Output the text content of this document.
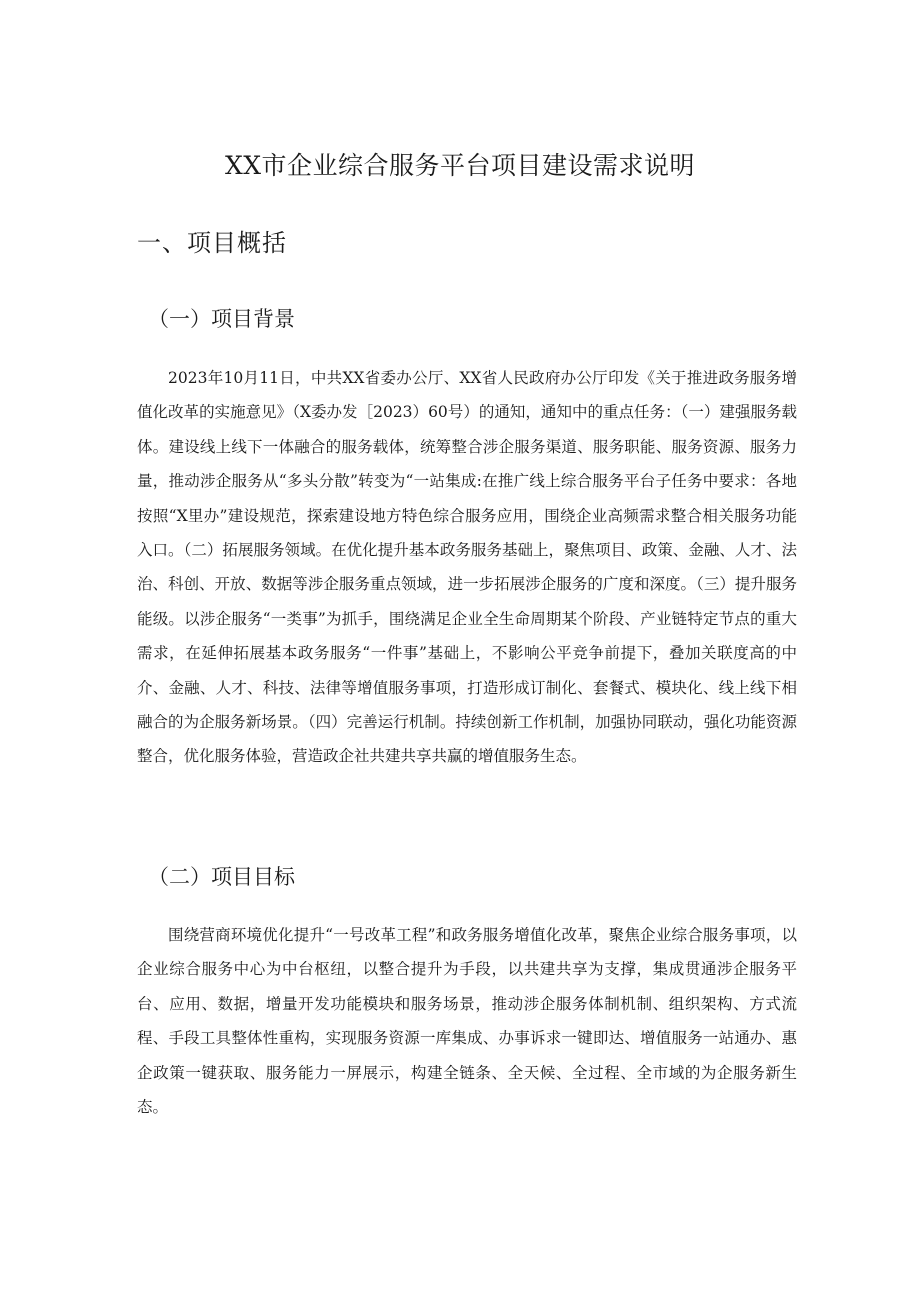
XX市企业综合服务平台项目建设需求说明
一、项目概括
（一）项目背景

2023年10月11日，中共XX省委办公厅、XX省人民政府办公厅印发《关于推进政务服务增值化改革的实施意见》（X委办发［2023）60号）的通知，通知中的重点任务：（一）建强服务载体。建设线上线下一体融合的服务载体，统筹整合涉企服务渠道、服务职能、服务资源、服务力量，推动涉企服务从“多头分散”转变为“一站集成:在推广线上综合服务平台子任务中要求：各地按照“X里办”建设规范，探索建设地方特色综合服务应用，围绕企业高频需求整合相关服务功能入口。（二）拓展服务领域。在优化提升基本政务服务基础上，聚焦项目、政策、金融、人才、法治、科创、开放、数据等涉企服务重点领域，进一步拓展涉企服务的广度和深度。（三）提升服务能级。以涉企服务“一类事”为抓手，围绕满足企业全生命周期某个阶段、产业链特定节点的重大需求，在延伸拓展基本政务服务“一件事”基础上，不影响公平竞争前提下，叠加关联度高的中介、金融、人才、科技、法律等增值服务事项，打造形成订制化、套餐式、模块化、线上线下相融合的为企服务新场景。（四）完善运行机制。持续创新工作机制，加强协同联动，强化功能资源整合，优化服务体验，营造政企社共建共享共赢的增值服务生态。

（二）项目目标

围绕营商环境优化提升“一号改革工程”和政务服务增值化改革，聚焦企业综合服务事项，以企业综合服务中心为中台枢纽，以整合提升为手段，以共建共享为支撑，集成贯通涉企服务平台、应用、数据，增量开发功能模块和服务场景，推动涉企服务体制机制、组织架构、方式流程、手段工具整体性重构，实现服务资源一库集成、办事诉求一键即达、增值服务一站通办、惠企政策一键获取、服务能力一屏展示，构建全链条、全天候、全过程、全市域的为企服务新生态。
